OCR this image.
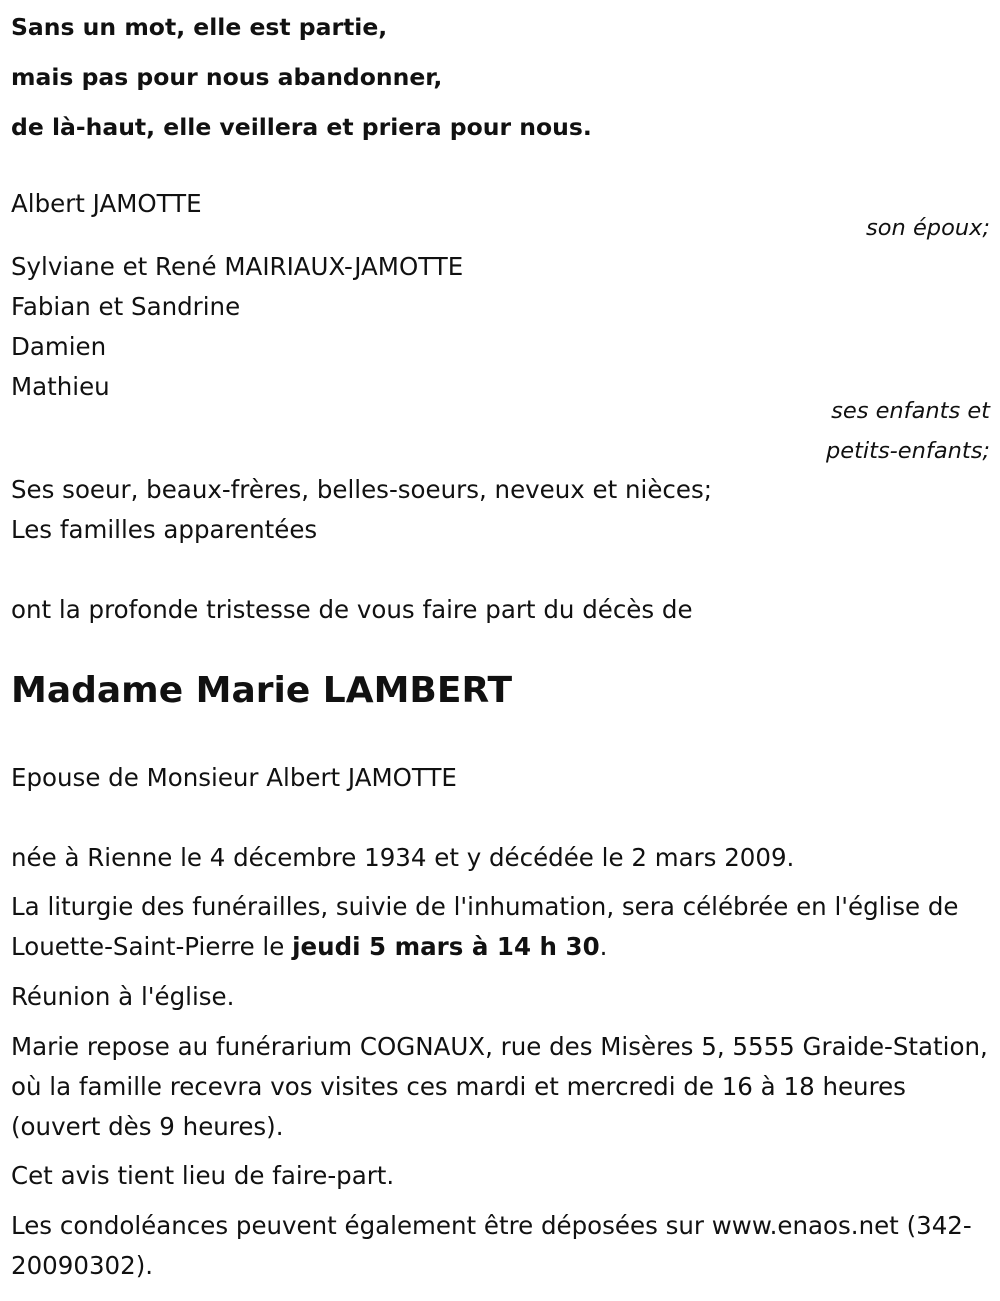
Sans un mot, elle est partie,
mais pas pour nous abandonner,
de là-haut, elle veillera et priera pour nous.
Albert JAMOTTE
son époux;
Sylviane et René MAIRIAUX-JAMOTTE
Fabian et Sandrine
Damien
Mathieu
ses enfants et
petits-enfants;
Ses soeur, beaux-frères, belles-soeurs, neveux et nièces;
Les familles apparentées
ont la profonde tristesse de vous faire part du décès de
Madame Marie LAMBERT
Epouse de Monsieur Albert JAMOTTE
née à Rienne le 4 décembre 1934 et y décédée le 2 mars 2009.
La liturgie des funérailles, suivie de l'inhumation, sera célébrée en l'église de Louette-Saint-Pierre le jeudi 5 mars à 14 h 30.
Réunion à l'église.
Marie repose au funérarium COGNAUX, rue des Misères 5, 5555 Graide-Station, où la famille recevra vos visites ces mardi et mercredi de 16 à 18 heures (ouvert dès 9 heures).
Cet avis tient lieu de faire-part.
Les condoléances peuvent également être déposées sur www.enaos.net (342-20090302).
